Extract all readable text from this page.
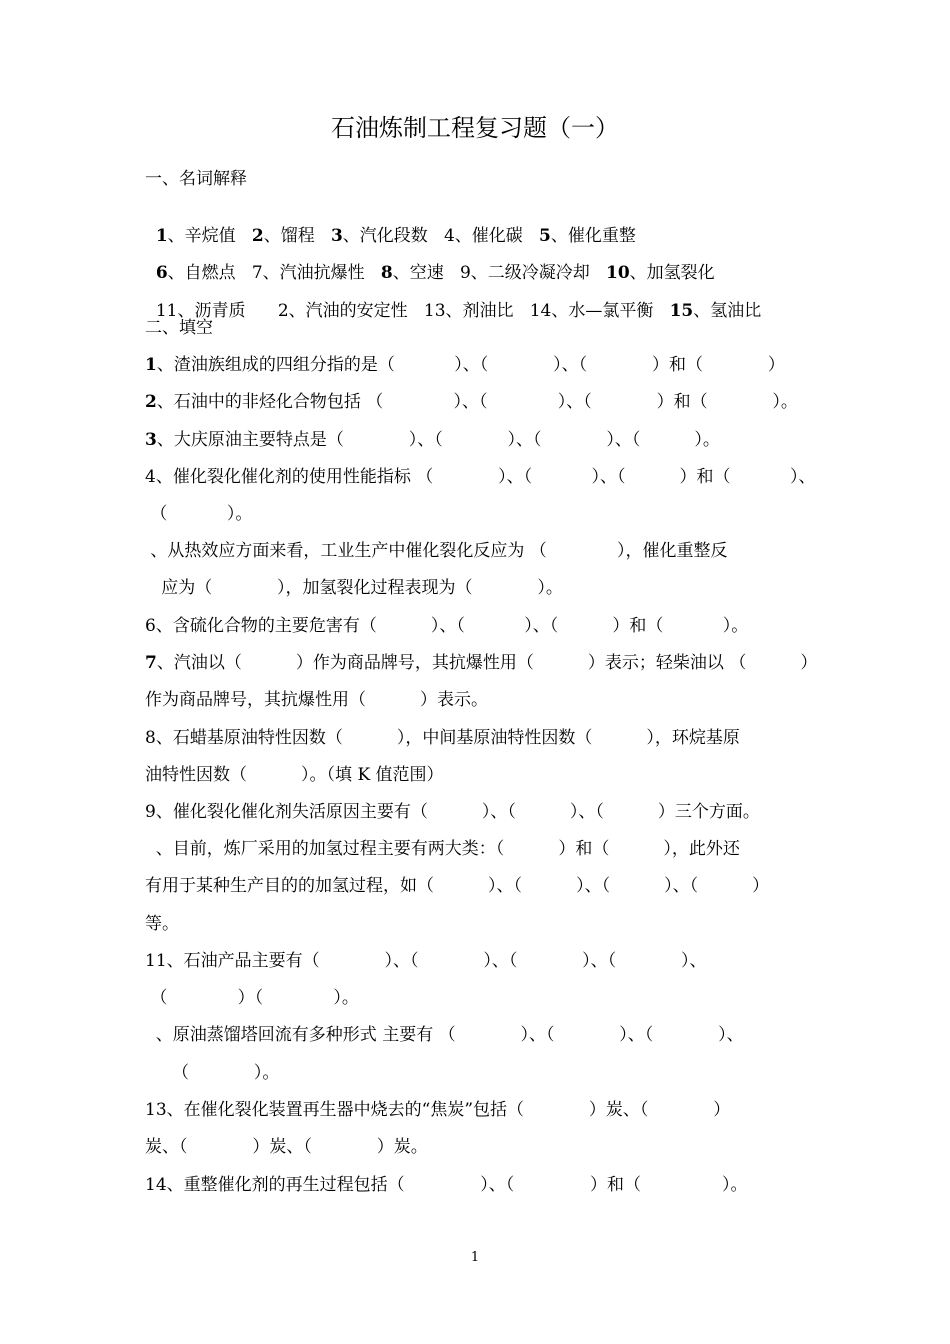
石油炼制工程复习题（一）
一、名词解释

1、辛烷值   2、馏程   3、汽化段数   4、催化碳   5、催化重整

6、自燃点   7、汽油抗爆性   8、空速   9、二级冷凝冷却   10、加氢裂化

11、沥青质      2、汽油的安定性   13、剂油比   14、水—氯平衡   15、氢油比

二、填空
1、渣油族组成的四组分指的是（           ）、（            ）、（            ）和（            ）
2、石油中的非烃化合物包括 （             ）、（             ）、（            ）和（            ）。
3、大庆原油主要特点是（            ）、（            ）、（            ）、（          ）。
4、催化裂化催化剂的使用性能指标 （            ）、（           ）、（          ）和（           ）、
（           ）。
、从热效应方面来看，工业生产中催化裂化反应为 （             ），催化重整反
应为（            ），加氢裂化过程表现为（            ）。
6、含硫化合物的主要危害有（          ）、（           ）、（          ）和（           ）。
7、汽油以（          ）作为商品牌号，其抗爆性用（          ）表示；轻柴油以 （          ）
作为商品牌号，其抗爆性用（          ）表示。
8、石蜡基原油特性因数（          ），中间基原油特性因数（          ），环烷基原
油特性因数（          ）。（填 K 值范围）
9、催化裂化催化剂失活原因主要有（          ）、（          ）、（          ）三个方面。
、目前，炼厂采用的加氢过程主要有两大类：（          ）和（          ），此外还
有用于某种生产目的的加氢过程，如（          ）、（          ）、（          ）、（          ）
等。
11、石油产品主要有（            ）、（            ）、（            ）、（            ）、
（             ）（             ）。
、原油蒸馏塔回流有多种形式 主要有 （            ）、（            ）、（            ）、
（            ）。
13、在催化裂化装置再生器中烧去的“焦炭”包括（            ）炭、（            ）
炭、（            ）炭、（            ）炭。
14、重整催化剂的再生过程包括（              ）、（              ）和（               ）。
1
